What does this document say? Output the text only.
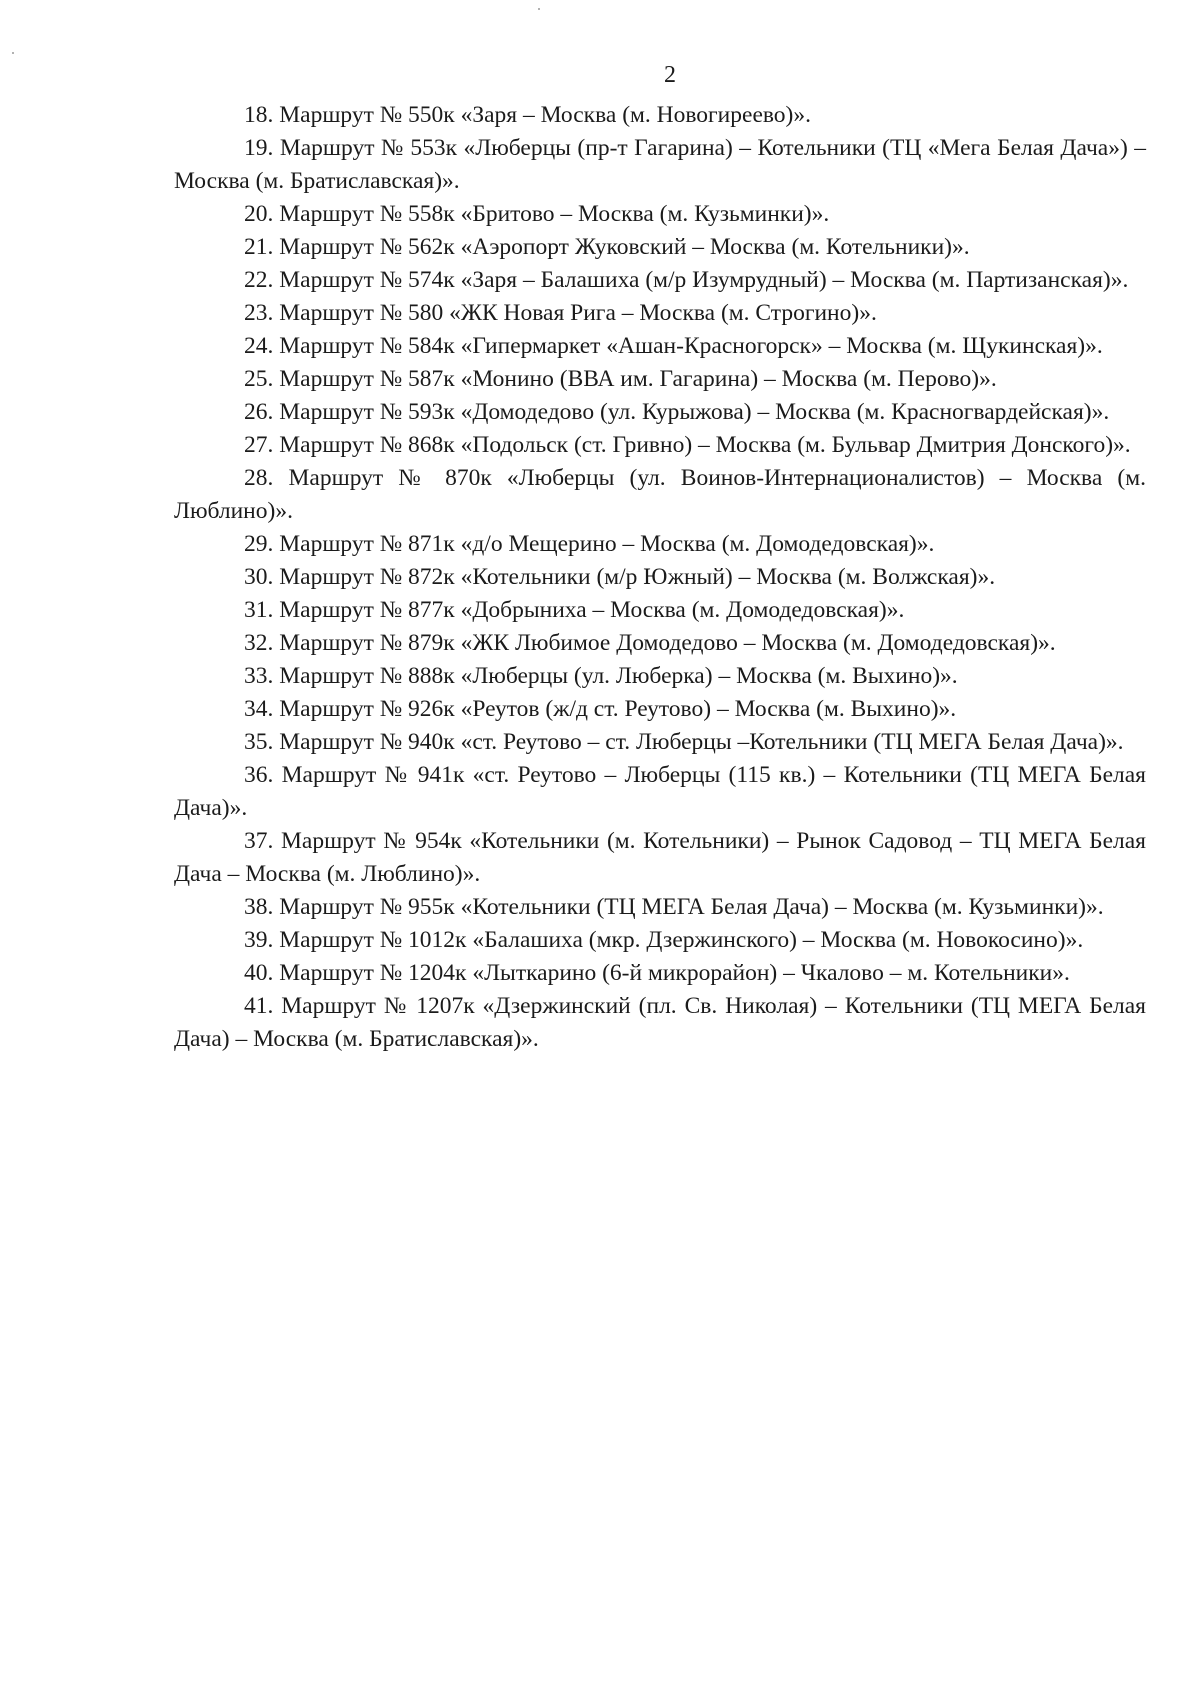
2

18. Маршрут № 550к «Заря – Москва (м. Новогиреево)».

19. Маршрут № 553к «Люберцы (пр-т Гагарина) – Котельники (ТЦ «Мега Белая Дача») – Москва (м. Братиславская)».

20. Маршрут № 558к «Бритово – Москва (м. Кузьминки)».

21. Маршрут № 562к «Аэропорт Жуковский – Москва (м. Котельники)».

22. Маршрут № 574к «Заря – Балашиха (м/р Изумрудный) – Москва (м. Партизанская)».

23. Маршрут № 580 «ЖК Новая Рига – Москва (м. Строгино)».

24. Маршрут № 584к «Гипермаркет «Ашан-Красногорск» – Москва (м. Щукинская)».

25. Маршрут № 587к «Монино (ВВА им. Гагарина) – Москва (м. Перово)».

26. Маршрут № 593к «Домодедово (ул. Курыжова) – Москва (м. Красногвардейская)».

27. Маршрут № 868к «Подольск (ст. Гривно) – Москва (м. Бульвар Дмитрия Донского)».

28. Маршрут № 870к «Люберцы (ул. Воинов-Интернационалистов) – Москва (м. Люблино)».

29. Маршрут № 871к «д/о Мещерино – Москва (м. Домодедовская)».

30. Маршрут № 872к «Котельники (м/р Южный) – Москва (м. Волжская)».

31. Маршрут № 877к «Добрыниха – Москва (м. Домодедовская)».

32. Маршрут № 879к «ЖК Любимое Домодедово – Москва (м. Домодедовская)».

33. Маршрут № 888к «Люберцы (ул. Люберка) – Москва (м. Выхино)».

34. Маршрут № 926к «Реутов (ж/д ст. Реутово) – Москва (м. Выхино)».

35. Маршрут № 940к «ст. Реутово – ст. Люберцы –Котельники (ТЦ МЕГА Белая Дача)».

36. Маршрут № 941к «ст. Реутово – Люберцы (115 кв.) – Котельники (ТЦ МЕГА Белая Дача)».

37. Маршрут № 954к «Котельники (м. Котельники) – Рынок Садовод – ТЦ МЕГА Белая Дача – Москва (м. Люблино)».

38. Маршрут № 955к «Котельники (ТЦ МЕГА Белая Дача) – Москва (м. Кузьминки)».

39. Маршрут № 1012к «Балашиха (мкр. Дзержинского) – Москва (м. Новокосино)».

40. Маршрут № 1204к «Лыткарино (6-й микрорайон) – Чкалово – м. Котельники».

41. Маршрут № 1207к «Дзержинский (пл. Св. Николая) – Котельники (ТЦ МЕГА Белая Дача) – Москва (м. Братиславская)».
